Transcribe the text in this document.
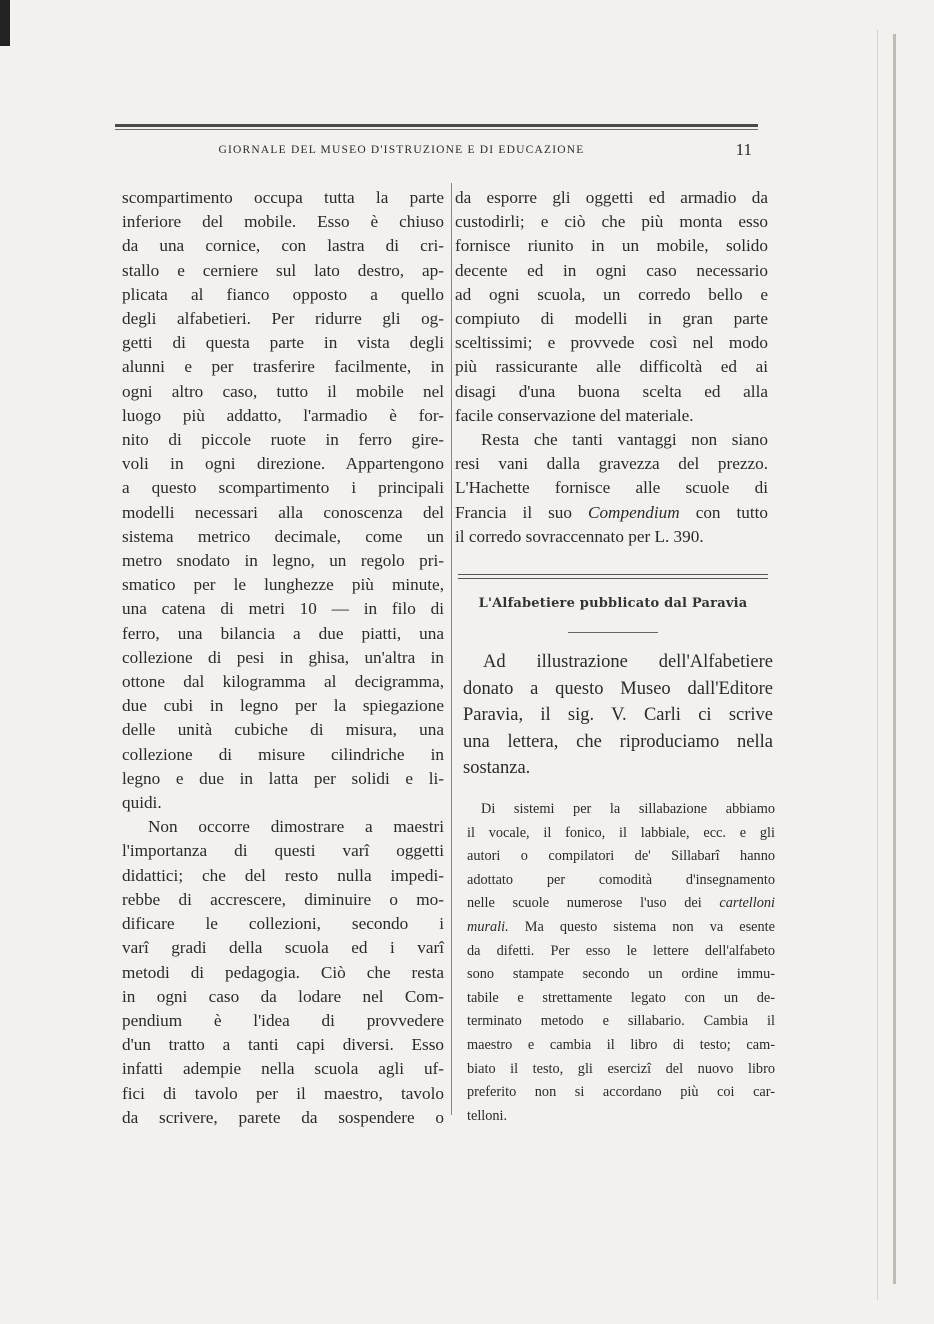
GIORNALE DEL MUSEO D'ISTRUZIONE E DI EDUCAZIONE	11

scompartimento occupa tutta la parte
inferiore del mobile. Esso è chiuso
da una cornice, con lastra di cri-
stallo e cerniere sul lato destro, ap-
plicata al fianco opposto a quello
degli alfabetieri. Per ridurre gli og-
getti di questa parte in vista degli
alunni e per trasferire facilmente, in
ogni altro caso, tutto il mobile nel
luogo più addatto, l'armadio è for-
nito di piccole ruote in ferro gire-
voli in ogni direzione. Appartengono
a questo scompartimento i principali
modelli necessari alla conoscenza del
sistema metrico decimale, come un
metro snodato in legno, un regolo pri-
smatico per le lunghezze più minute,
una catena di metri 10 — in filo di
ferro, una bilancia a due piatti, una
collezione di pesi in ghisa, un'altra in
ottone dal kilogramma al decigramma,
due cubi in legno per la spiegazione
delle unità cubiche di misura, una
collezione di misure cilindriche in
legno e due in latta per solidi e li-
quidi.

Non occorre dimostrare a maestri
l'importanza di questi varî oggetti
didattici; che del resto nulla impedi-
rebbe di accrescere, diminuire o mo-
dificare le collezioni, secondo i
varî gradi della scuola ed i varî
metodi di pedagogia. Ciò che resta
in ogni caso da lodare nel Com-
pendium è l'idea di provvedere
d'un tratto a tanti capi diversi. Esso
infatti adempie nella scuola agli uf-
fici di tavolo per il maestro, tavolo
da scrivere, parete da sospendere o

da esporre gli oggetti ed armadio da
custodirli; e ciò che più monta esso
fornisce riunito in un mobile, solido
decente ed in ogni caso necessario
ad ogni scuola, un corredo bello e
compiuto di modelli in gran parte
sceltissimi; e provvede così nel modo
più rassicurante alle difficoltà ed ai
disagi d'una buona scelta ed alla
facile conservazione del materiale.

Resta che tanti vantaggi non siano
resi vani dalla gravezza del prezzo.
L'Hachette fornisce alle scuole di
Francia il suo Compendium con tutto
il corredo sovraccennato per L. 390.

L'Alfabetiere pubblicato dal Paravia
Ad illustrazione dell'Alfabetiere
donato a questo Museo dall'Editore
Paravia, il sig. V. Carli ci scrive
una lettera, che riproduciamo nella
sostanza.
Di sistemi per la sillabazione abbiamo
il vocale, il fonico, il labbiale, ecc. e gli
autori o compilatori de' Sillabarî hanno
adottato per comodità d'insegnamento
nelle scuole numerose l'uso dei cartelloni
murali. Ma questo sistema non va esente
da difetti. Per esso le lettere dell'alfabeto
sono stampate secondo un ordine immu-
tabile e strettamente legato con un de-
terminato metodo e sillabario. Cambia il
maestro e cambia il libro di testo; cam-
biato il testo, gli esercizî del nuovo libro
preferito non si accordano più coi car-
telloni.
